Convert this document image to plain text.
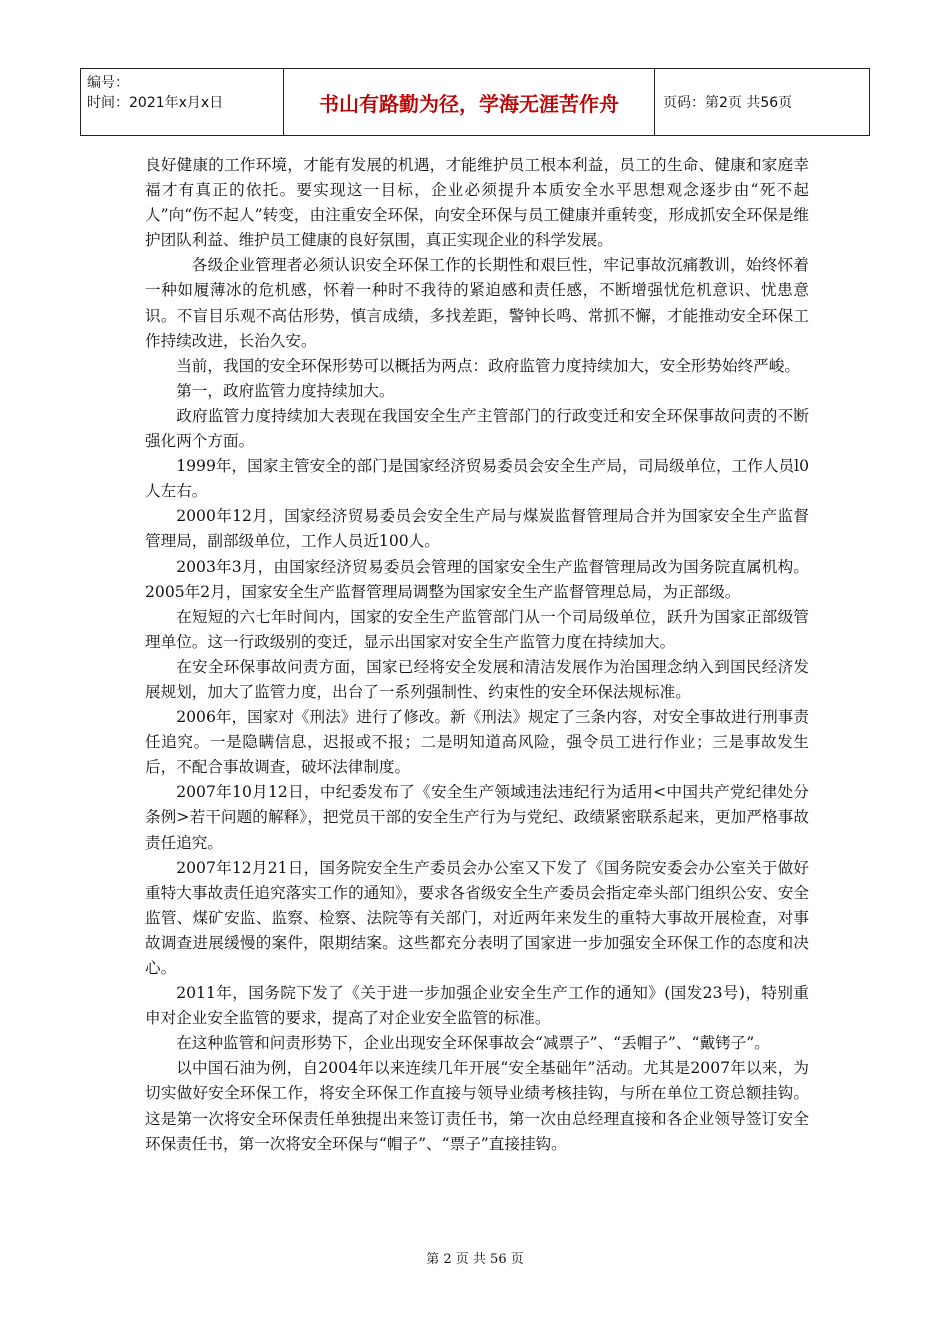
编号：
时间：2021年x月x日	书山有路勤为径，学海无涯苦作舟	页码：第2页 共56页

良好健康的工作环境，才能有发展的机遇，才能维护员工根本利益，员工的生命、健康和家庭幸福才有真正的依托。要实现这一目标，企业必须提升本质安全水平思想观念逐步由“死不起人”向“伤不起人”转变，由注重安全环保，向安全环保与员工健康并重转变，形成抓安全环保是维护团队利益、维护员工健康的良好氛围，真正实现企业的科学发展。

各级企业管理者必须认识安全环保工作的长期性和艰巨性，牢记事故沉痛教训，始终怀着一种如履薄冰的危机感，怀着一种时不我待的紧迫感和责任感，不断增强忧危机意识、忧患意识。不盲目乐观不高估形势，慎言成绩，多找差距，警钟长鸣、常抓不懈，才能推动安全环保工作持续改进，长治久安。

当前，我国的安全环保形势可以概括为两点：政府监管力度持续加大，安全形势始终严峻。

第一，政府监管力度持续加大。

政府监管力度持续加大表现在我国安全生产主管部门的行政变迁和安全环保事故问责的不断强化两个方面。

1999年，国家主管安全的部门是国家经济贸易委员会安全生产局，司局级单位，工作人员l0人左右。

2000年12月，国家经济贸易委员会安全生产局与煤炭监督管理局合并为国家安全生产监督管理局，副部级单位，工作人员近100人。

2003年3月，由国家经济贸易委员会管理的国家安全生产监督管理局改为国务院直属机构。2005年2月，国家安全生产监督管理局调整为国家安全生产监督管理总局，为正部级。

在短短的六七年时间内，国家的安全生产监管部门从一个司局级单位，跃升为国家正部级管理单位。这一行政级别的变迁，显示出国家对安全生产监管力度在持续加大。

在安全环保事故问责方面，国家已经将安全发展和清洁发展作为治国理念纳入到国民经济发展规划，加大了监管力度，出台了一系列强制性、约束性的安全环保法规标准。

2006年，国家对《刑法》进行了修改。新《刑法》规定了三条内容，对安全事故进行刑事责任追究。一是隐瞒信息，迟报或不报；二是明知道高风险，强令员工进行作业；三是事故发生后，不配合事故调查，破坏法律制度。

2007年10月12日，中纪委发布了《安全生产领域违法违纪行为适用<中国共产党纪律处分条例>若干问题的解释》，把党员干部的安全生产行为与党纪、政绩紧密联系起来，更加严格事故责任追究。

2007年12月21日，国务院安全生产委员会办公室又下发了《国务院安委会办公室关于做好重特大事故责任追究落实工作的通知》，要求各省级安全生产委员会指定牵头部门组织公安、安全监管、煤矿安监、监察、检察、法院等有关部门，对近两年来发生的重特大事故开展检查，对事故调查进展缓慢的案件，限期结案。这些都充分表明了国家进一步加强安全环保工作的态度和决心。

2011年，国务院下发了《关于进一步加强企业安全生产工作的通知》(国发23号)，特别重申对企业安全监管的要求，提高了对企业安全监管的标准。

在这种监管和问责形势下，企业出现安全环保事故会“减票子”、“丢帽子”、“戴铐子”。

以中国石油为例，自2004年以来连续几年开展“安全基础年”活动。尤其是2007年以来，为切实做好安全环保工作，将安全环保工作直接与领导业绩考核挂钩，与所在单位工资总额挂钩。这是第一次将安全环保责任单独提出来签订责任书，第一次由总经理直接和各企业领导签订安全环保责任书，第一次将安全环保与“帽子”、“票子”直接挂钩。

第 2 页 共 56 页
